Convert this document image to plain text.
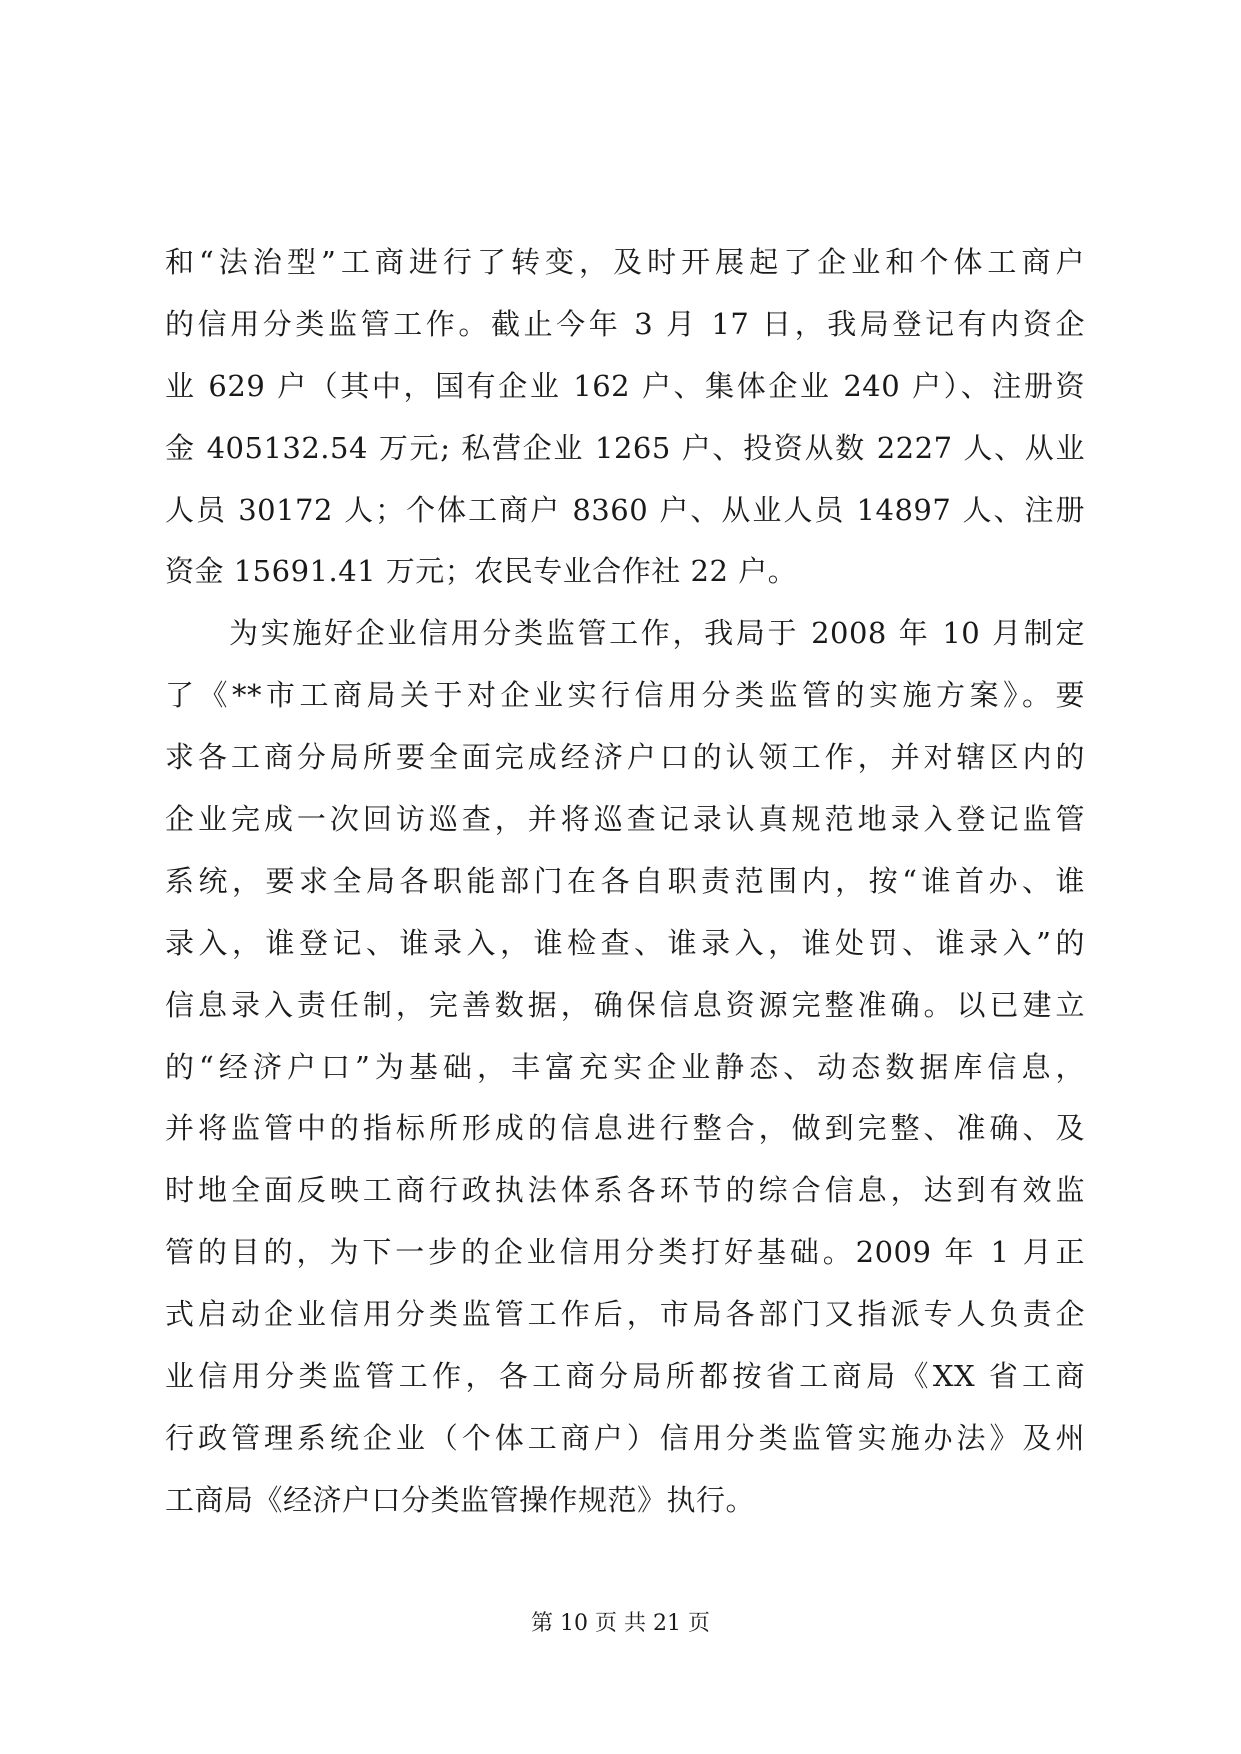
和“法治型”工商进行了转变，及时开展起了企业和个体工商户
的信用分类监管工作。截止今年 3 月 17 日，我局登记有内资企
业 629 户（其中，国有企业 162 户、集体企业 240 户）、注册资
金 405132.54 万元; 私营企业 1265 户、投资从数 2227 人、从业
人员 30172 人；个体工商户 8360 户、从业人员 14897 人、注册
资金 15691.41 万元；农民专业合作社 22 户。
为实施好企业信用分类监管工作，我局于 2008 年 10 月制定
了《**市工商局关于对企业实行信用分类监管的实施方案》。要
求各工商分局所要全面完成经济户口的认领工作，并对辖区内的
企业完成一次回访巡查，并将巡查记录认真规范地录入登记监管
系统，要求全局各职能部门在各自职责范围内，按“谁首办、谁
录入，谁登记、谁录入，谁检查、谁录入，谁处罚、谁录入”的
信息录入责任制，完善数据，确保信息资源完整准确。以已建立
的“经济户口”为基础，丰富充实企业静态、动态数据库信息，
并将监管中的指标所形成的信息进行整合，做到完整、准确、及
时地全面反映工商行政执法体系各环节的综合信息，达到有效监
管的目的，为下一步的企业信用分类打好基础。2009 年 1 月正
式启动企业信用分类监管工作后，市局各部门又指派专人负责企
业信用分类监管工作，各工商分局所都按省工商局《XX 省工商
行政管理系统企业（个体工商户）信用分类监管实施办法》及州
工商局《经济户口分类监管操作规范》执行。
第 10 页 共 21 页
